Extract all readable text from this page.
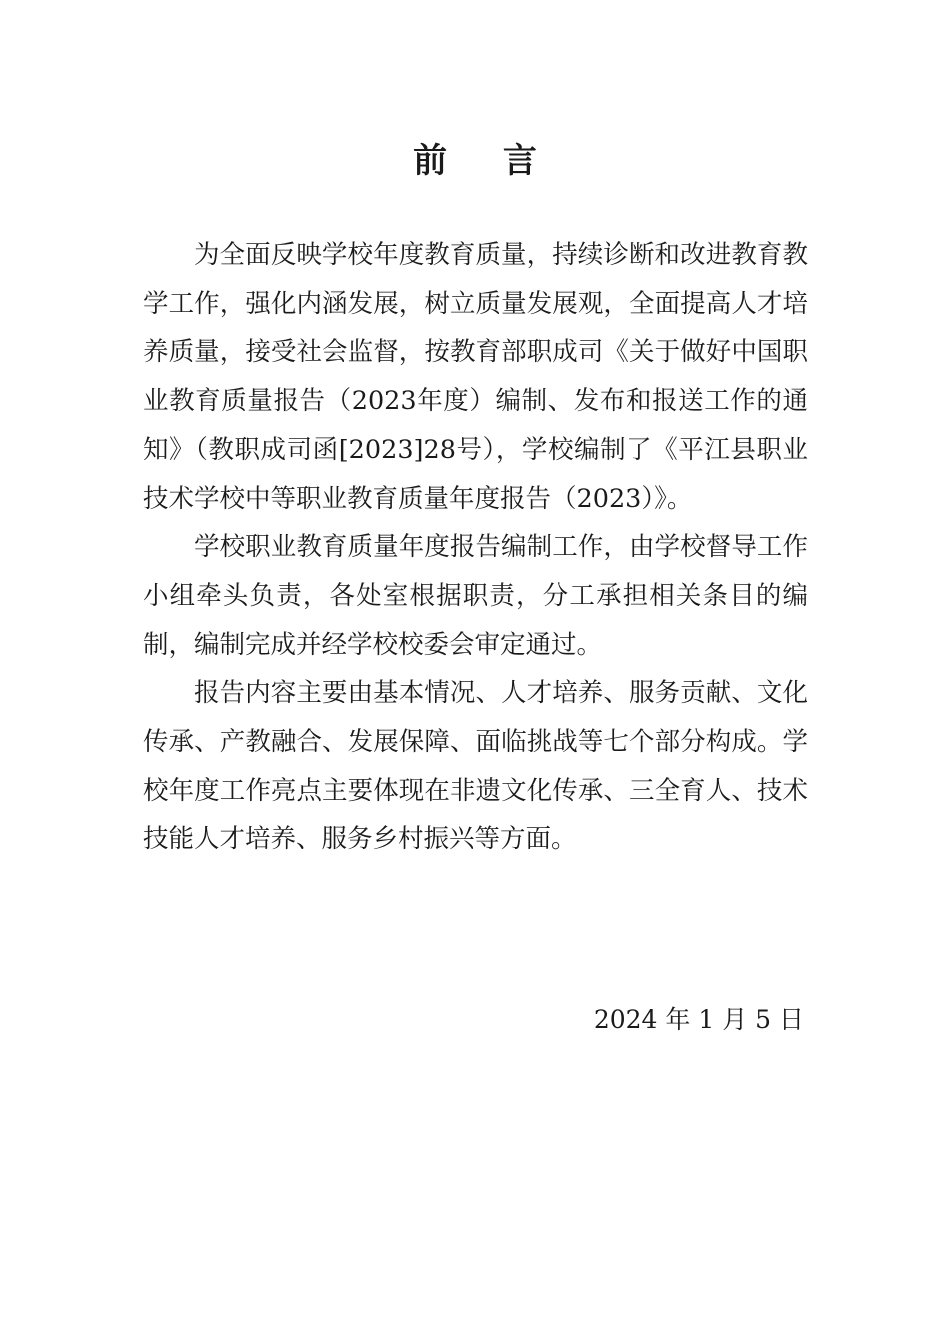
前 言

为全面反映学校年度教育质量，持续诊断和改进教育教学工作，强化内涵发展，树立质量发展观，全面提高人才培养质量，接受社会监督，按教育部职成司《关于做好中国职业教育质量报告（2023年度）编制、发布和报送工作的通知》（教职成司函[2023]28号），学校编制了《平江县职业技术学校中等职业教育质量年度报告（2023）》。

学校职业教育质量年度报告编制工作，由学校督导工作小组牵头负责，各处室根据职责，分工承担相关条目的编制，编制完成并经学校校委会审定通过。

报告内容主要由基本情况、人才培养、服务贡献、文化传承、产教融合、发展保障、面临挑战等七个部分构成。学校年度工作亮点主要体现在非遗文化传承、三全育人、技术技能人才培养、服务乡村振兴等方面。

2024 年 1 月 5 日
